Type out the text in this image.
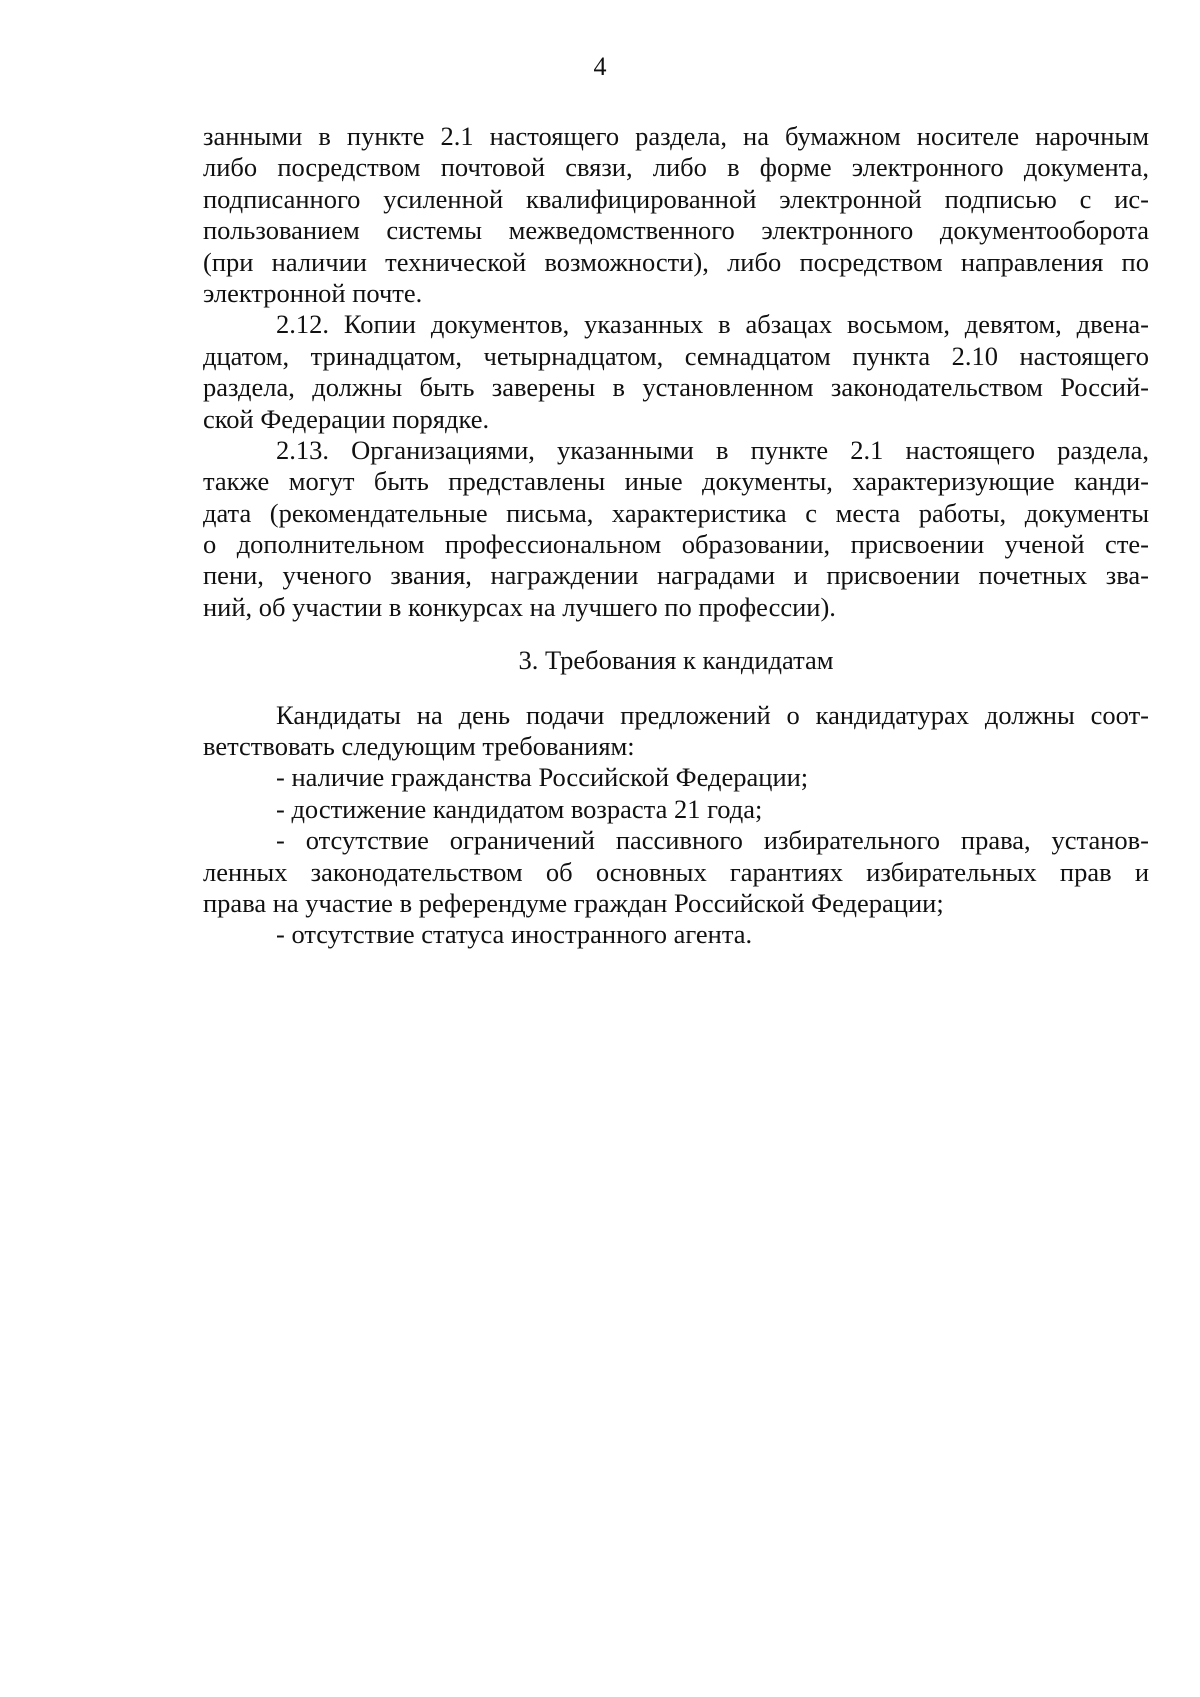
4
занными в пункте 2.1 настоящего раздела, на бумажном носителе нарочным
либо посредством почтовой связи, либо в форме электронного документа,
подписанного усиленной квалифицированной электронной подписью с ис-
пользованием системы межведомственного электронного документооборота
(при наличии технической возможности), либо посредством направления по
электронной почте.
2.12. Копии документов, указанных в абзацах восьмом, девятом, двена-
дцатом, тринадцатом, четырнадцатом, семнадцатом пункта 2.10 настоящего
раздела, должны быть заверены в установленном законодательством Россий-
ской Федерации порядке.
2.13. Организациями, указанными в пункте 2.1 настоящего раздела,
также могут быть представлены иные документы, характеризующие канди-
дата (рекомендательные письма, характеристика с места работы, документы
о дополнительном профессиональном образовании, присвоении ученой сте-
пени, ученого звания, награждении наградами и присвоении почетных зва-
ний, об участии в конкурсах на лучшего по профессии).
3. Требования к кандидатам
Кандидаты на день подачи предложений о кандидатурах должны соот-
ветствовать следующим требованиям:
- наличие гражданства Российской Федерации;
- достижение кандидатом возраста 21 года;
- отсутствие ограничений пассивного избирательного права, установ-
ленных законодательством об основных гарантиях избирательных прав и
права на участие в референдуме граждан Российской Федерации;
- отсутствие статуса иностранного агента.
